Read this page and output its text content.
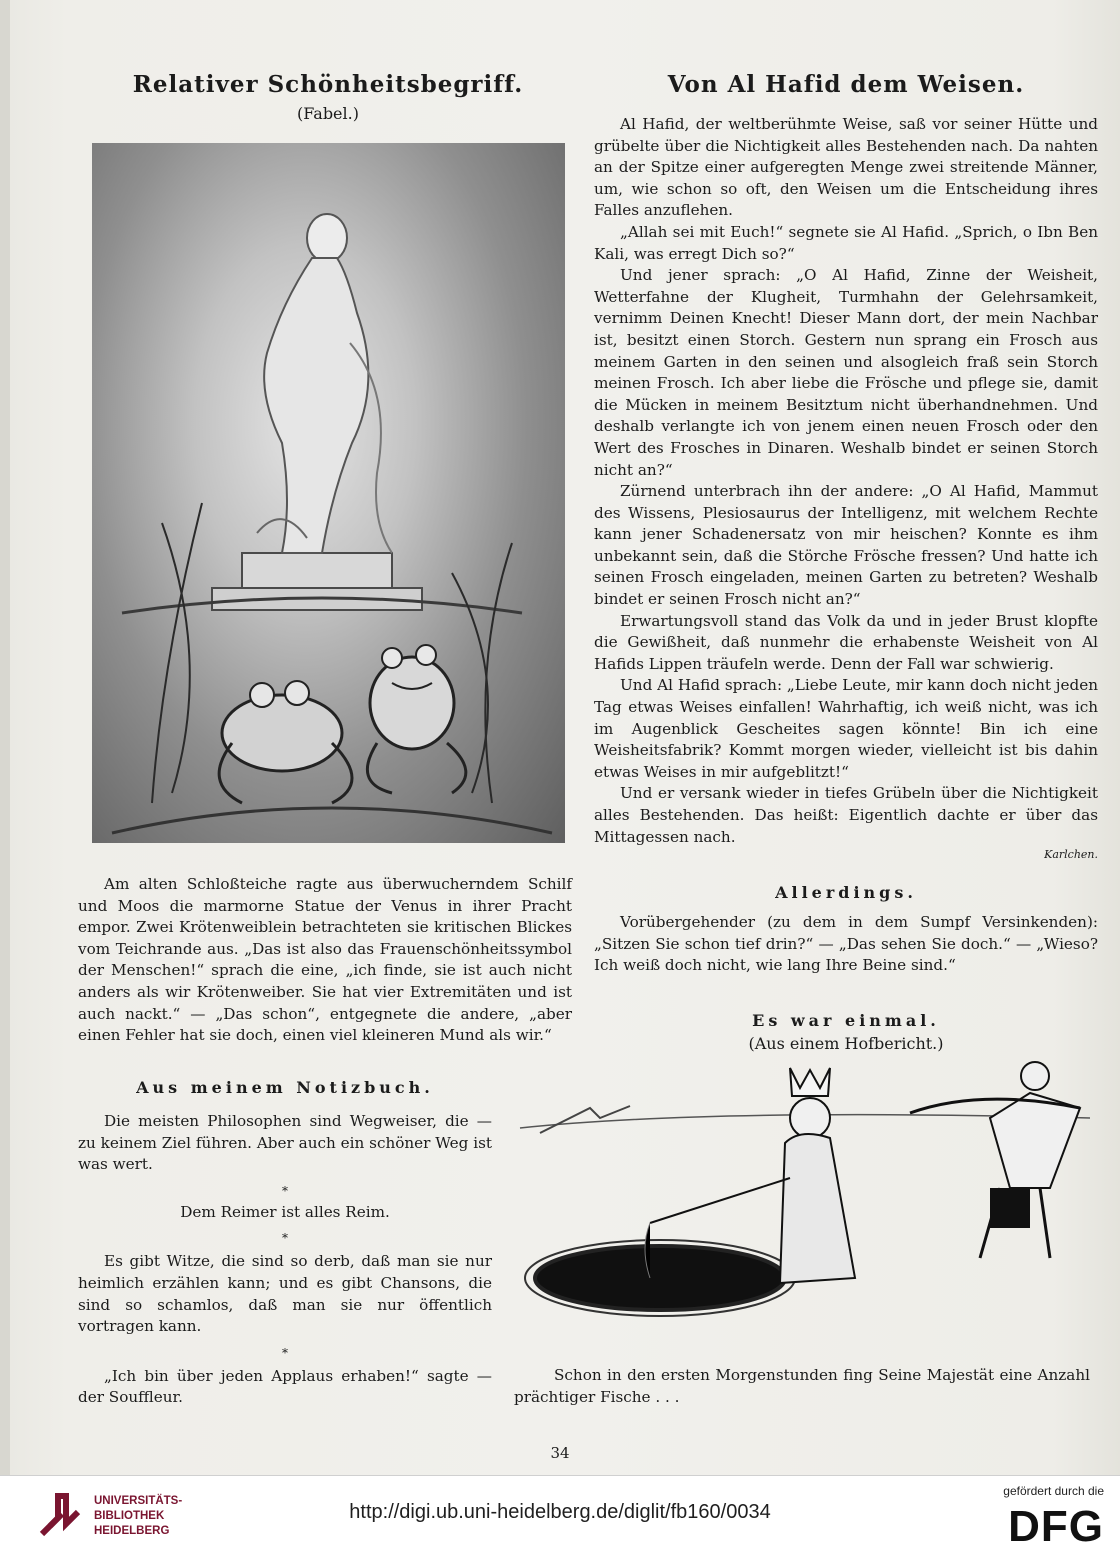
Relativer Schönheitsbegriff.
(Fabel.)

Am alten Schloßteiche ragte aus überwucherndem Schilf und Moos die marmorne Statue der Venus in ihrer Pracht empor. Zwei Krötenweiblein betrachteten sie kritischen Blickes vom Teichrande aus. „Das ist also das Frauenschönheitssymbol der Menschen!“ sprach die eine, „ich finde, sie ist auch nicht anders als wir Krötenweiber. Sie hat vier Extremitäten und ist auch nackt.“ — „Das schon“, entgegnete die andere, „aber einen Fehler hat sie doch, einen viel kleineren Mund als wir.“

Aus meinem Notizbuch.

Die meisten Philosophen sind Wegweiser, die — zu keinem Ziel führen. Aber auch ein schöner Weg ist was wert.

*

Dem Reimer ist alles Reim.

*

Es gibt Witze, die sind so derb, daß man sie nur heimlich erzählen kann; und es gibt Chansons, die sind so schamlos, daß man sie nur öffentlich vortragen kann.

*

„Ich bin über jeden Applaus erhaben!“ sagte — der Souffleur.

Von Al Hafid dem Weisen.

Al Hafid, der weltberühmte Weise, saß vor seiner Hütte und grübelte über die Nichtigkeit alles Bestehenden nach. Da nahten an der Spitze einer aufgeregten Menge zwei streitende Männer, um, wie schon so oft, den Weisen um die Entscheidung ihres Falles anzuflehen.

„Allah sei mit Euch!“ segnete sie Al Hafid. „Sprich, o Ibn Ben Kali, was erregt Dich so?“

Und jener sprach: „O Al Hafid, Zinne der Weisheit, Wetterfahne der Klugheit, Turmhahn der Gelehrsamkeit, vernimm Deinen Knecht! Dieser Mann dort, der mein Nachbar ist, besitzt einen Storch. Gestern nun sprang ein Frosch aus meinem Garten in den seinen und alsogleich fraß sein Storch meinen Frosch. Ich aber liebe die Frösche und pflege sie, damit die Mücken in meinem Besitztum nicht überhandnehmen. Und deshalb verlangte ich von jenem einen neuen Frosch oder den Wert des Frosches in Dinaren. Weshalb bindet er seinen Storch nicht an?“

Zürnend unterbrach ihn der andere: „O Al Hafid, Mammut des Wissens, Plesiosaurus der Intelligenz, mit welchem Rechte kann jener Schadenersatz von mir heischen? Konnte es ihm unbekannt sein, daß die Störche Frösche fressen? Und hatte ich seinen Frosch eingeladen, meinen Garten zu betreten? Weshalb bindet er seinen Frosch nicht an?“

Erwartungsvoll stand das Volk da und in jeder Brust klopfte die Gewißheit, daß nunmehr die erhabenste Weisheit von Al Hafids Lippen träufeln werde. Denn der Fall war schwierig.

Und Al Hafid sprach: „Liebe Leute, mir kann doch nicht jeden Tag etwas Weises einfallen! Wahrhaftig, ich weiß nicht, was ich im Augenblick Gescheites sagen könnte! Bin ich eine Weisheitsfabrik? Kommt morgen wieder, vielleicht ist bis dahin etwas Weises in mir aufgeblitzt!“

Und er versank wieder in tiefes Grübeln über die Nichtigkeit alles Bestehenden. Das heißt: Eigentlich dachte er über das Mittagessen nach.

Karlchen.
Allerdings.

Vorübergehender (zu dem in dem Sumpf Versinkenden): „Sitzen Sie schon tief drin?“ — „Das sehen Sie doch.“ — „Wieso? Ich weiß doch nicht, wie lang Ihre Beine sind.“

Es war einmal.
(Aus einem Hofbericht.)

Schon in den ersten Morgenstunden fing Seine Majestät eine Anzahl prächtiger Fische . . .

34
UNIVERSITÄTS-
BIBLIOTHEK
HEIDELBERG
http://digi.ub.uni-heidelberg.de/diglit/fb160/0034
gefördert durch die
DFG
